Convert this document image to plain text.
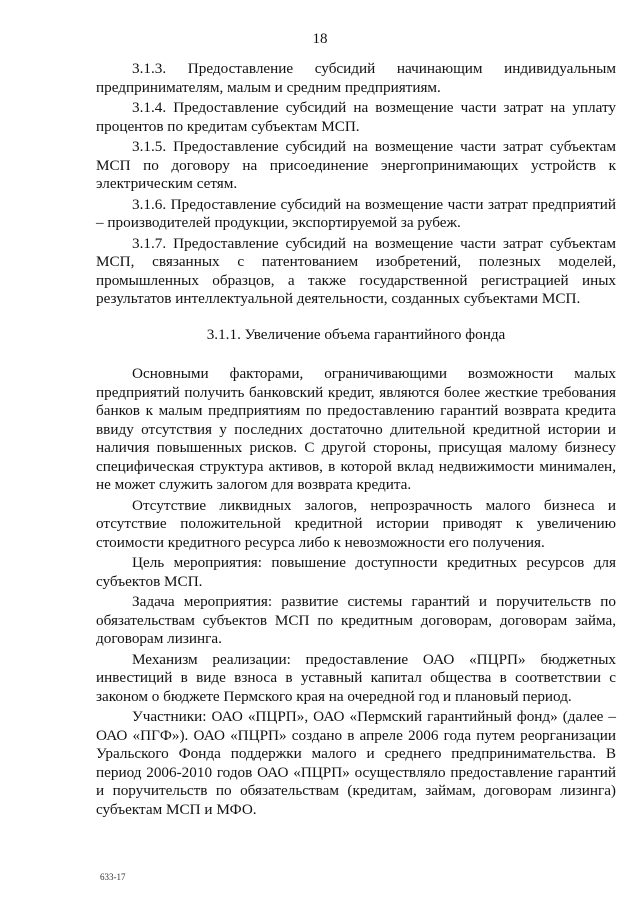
18

3.1.3. Предоставление субсидий начинающим индивидуальным предпринимателям, малым и средним предприятиям.

3.1.4. Предоставление субсидий на возмещение части затрат на уплату процентов по кредитам субъектам МСП.

3.1.5. Предоставление субсидий на возмещение части затрат субъектам МСП по договору на присоединение энергопринимающих устройств к электрическим сетям.

3.1.6. Предоставление субсидий на возмещение части затрат предприятий – производителей продукции, экспортируемой за рубеж.

3.1.7. Предоставление субсидий на возмещение части затрат субъектам МСП, связанных с патентованием изобретений, полезных моделей, промышленных образцов, а также государственной регистрацией иных результатов интеллектуальной деятельности, созданных субъектами МСП.

3.1.1. Увеличение объема гарантийного фонда

Основными факторами, ограничивающими возможности малых предприятий получить банковский кредит, являются более жесткие требования банков к малым предприятиям по предоставлению гарантий возврата кредита ввиду отсутствия у последних достаточно длительной кредитной истории и наличия повышенных рисков. С другой стороны, присущая малому бизнесу специфическая структура активов, в которой вклад недвижимости минимален, не может служить залогом для возврата кредита.

Отсутствие ликвидных залогов, непрозрачность малого бизнеса и отсутствие положительной кредитной истории приводят к увеличению стоимости кредитного ресурса либо к невозможности его получения.

Цель мероприятия: повышение доступности кредитных ресурсов для субъектов МСП.

Задача мероприятия: развитие системы гарантий и поручительств по обязательствам субъектов МСП по кредитным договорам, договорам займа, договорам лизинга.

Механизм реализации: предоставление ОАО «ПЦРП» бюджетных инвестиций в виде взноса в уставный капитал общества в соответствии с законом о бюджете Пермского края на очередной год и плановый период.

Участники: ОАО «ПЦРП», ОАО «Пермский гарантийный фонд» (далее – ОАО «ПГФ»). ОАО «ПЦРП» создано в апреле 2006 года путем реорганизации Уральского Фонда поддержки малого и среднего предпринимательства. В период 2006-2010 годов ОАО «ПЦРП» осуществляло предоставление гарантий и поручительств по обязательствам (кредитам, займам, договорам лизинга) субъектам МСП и МФО.

633-17
